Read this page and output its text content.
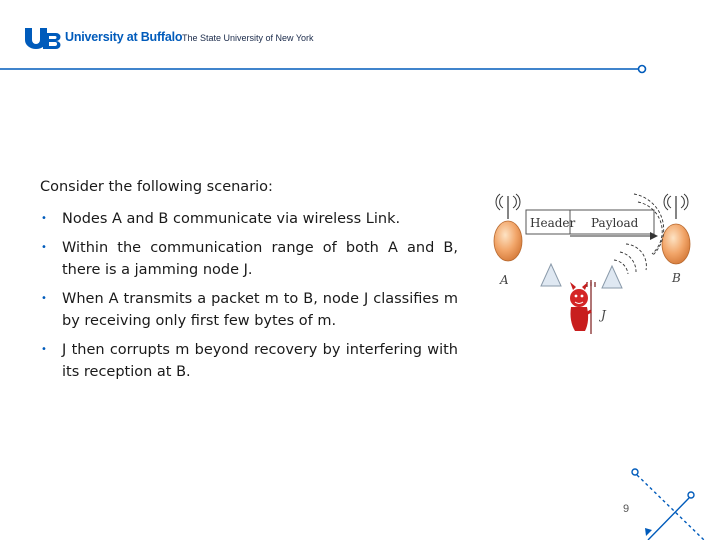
University at Buffalo The State University of New York

Consider the following scenario:

• Nodes A and B communicate via wireless Link.
• Within the communication range of both A and B, there is a jamming node J.
• When A transmits a packet m to B, node J classifies m by receiving only first few bytes of m.
• J then corrupts m beyond recovery by interfering with its reception at B.
A	B
Header Payload
J
9
